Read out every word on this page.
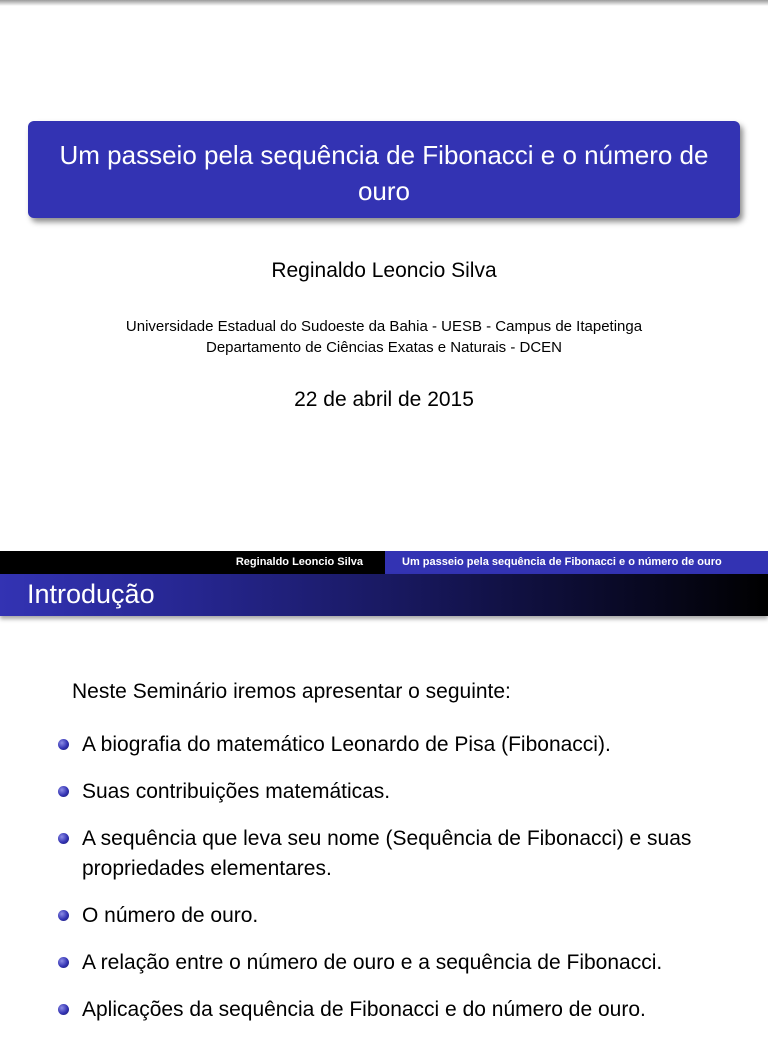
Um passeio pela sequência de Fibonacci e o número de ouro
Reginaldo Leoncio Silva
Universidade Estadual do Sudoeste da Bahia - UESB - Campus de Itapetinga
Departamento de Ciências Exatas e Naturais - DCEN
22 de abril de 2015
Reginaldo Leoncio Silva	Um passeio pela sequência de Fibonacci e o número de ouro
Introdução
Neste Seminário iremos apresentar o seguinte:
A biografia do matemático Leonardo de Pisa (Fibonacci).
Suas contribuições matemáticas.
A sequência que leva seu nome (Sequência de Fibonacci) e suas propriedades elementares.
O número de ouro.
A relação entre o número de ouro e a sequência de Fibonacci.
Aplicações da sequência de Fibonacci e do número de ouro.
